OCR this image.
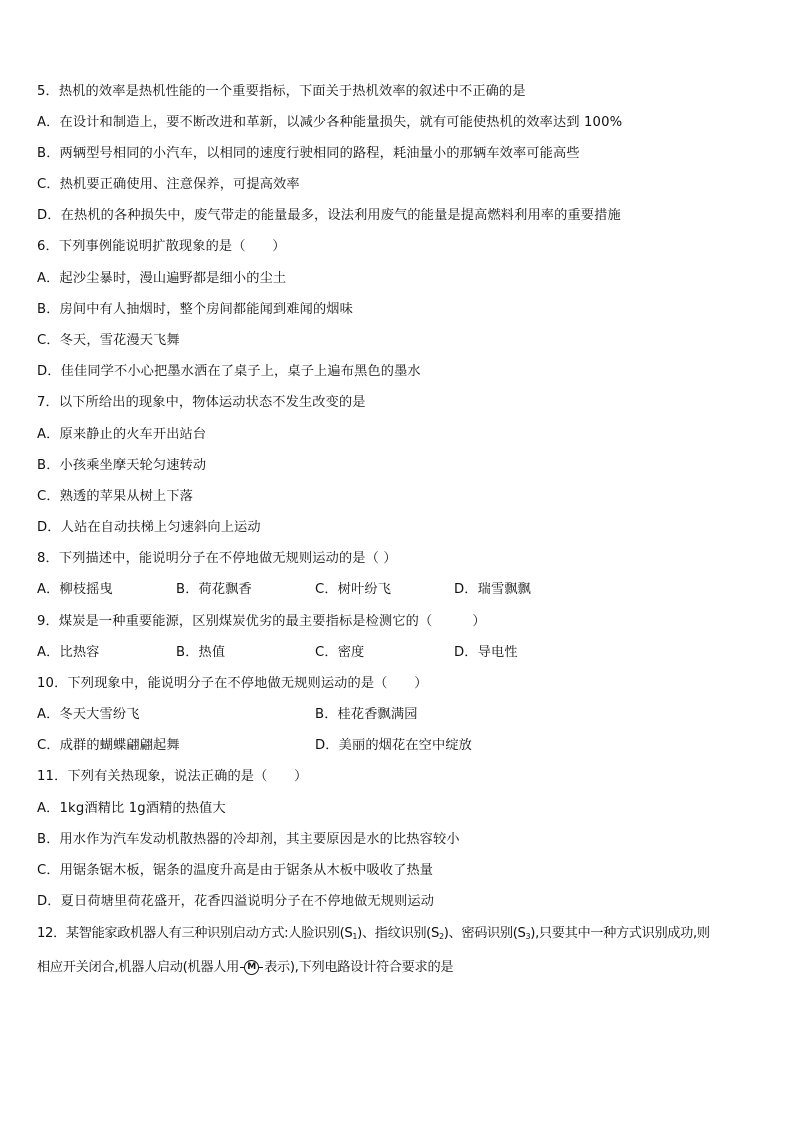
5．热机的效率是热机性能的一个重要指标，下面关于热机效率的叙述中不正确的是
A．在设计和制造上，要不断改进和革新，以减少各种能量损失，就有可能使热机的效率达到 100%
B．两辆型号相同的小汽车，以相同的速度行驶相同的路程，耗油量小的那辆车效率可能高些
C．热机要正确使用、注意保养，可提高效率
D．在热机的各种损失中，废气带走的能量最多，设法利用废气的能量是提高燃料利用率的重要措施
6．下列事例能说明扩散现象的是（　　）
A．起沙尘暴时，漫山遍野都是细小的尘土
B．房间中有人抽烟时，整个房间都能闻到难闻的烟味
C．冬天，雪花漫天飞舞
D．佳佳同学不小心把墨水洒在了桌子上，桌子上遍布黑色的墨水
7．以下所给出的现象中，物体运动状态不发生改变的是
A．原来静止的火车开出站台
B．小孩乘坐摩天轮匀速转动
C．熟透的苹果从树上下落
D．人站在自动扶梯上匀速斜向上运动
8．下列描述中，能说明分子在不停地做无规则运动的是（ ）
A．柳枝摇曳	B．荷花飘香	C．树叶纷飞	D．瑞雪飘飘
9．煤炭是一种重要能源，区别煤炭优劣的最主要指标是检测它的（　　　）
A．比热容	B．热值	C．密度	D．导电性
10．下列现象中，能说明分子在不停地做无规则运动的是（　　）
A．冬天大雪纷飞	B．桂花香飘满园
C．成群的蝴蝶翩翩起舞	D．美丽的烟花在空中绽放
11．下列有关热现象，说法正确的是（　　）
A．1kg酒精比 1g酒精的热值大
B．用水作为汽车发动机散热器的冷却剂，其主要原因是水的比热容较小
C．用锯条锯木板，锯条的温度升高是由于锯条从木板中吸收了热量
D．夏日荷塘里荷花盛开，花香四溢说明分子在不停地做无规则运动
12．某智能家政机器人有三种识别启动方式:人脸识别$(S_1)$、指纹识别$(S_2)$、密码识别$(S_3)$,只要其中一种方式识别成功,则
相应开关闭合,机器人启动(机器人用 M 表示),下列电路设计符合要求的是
